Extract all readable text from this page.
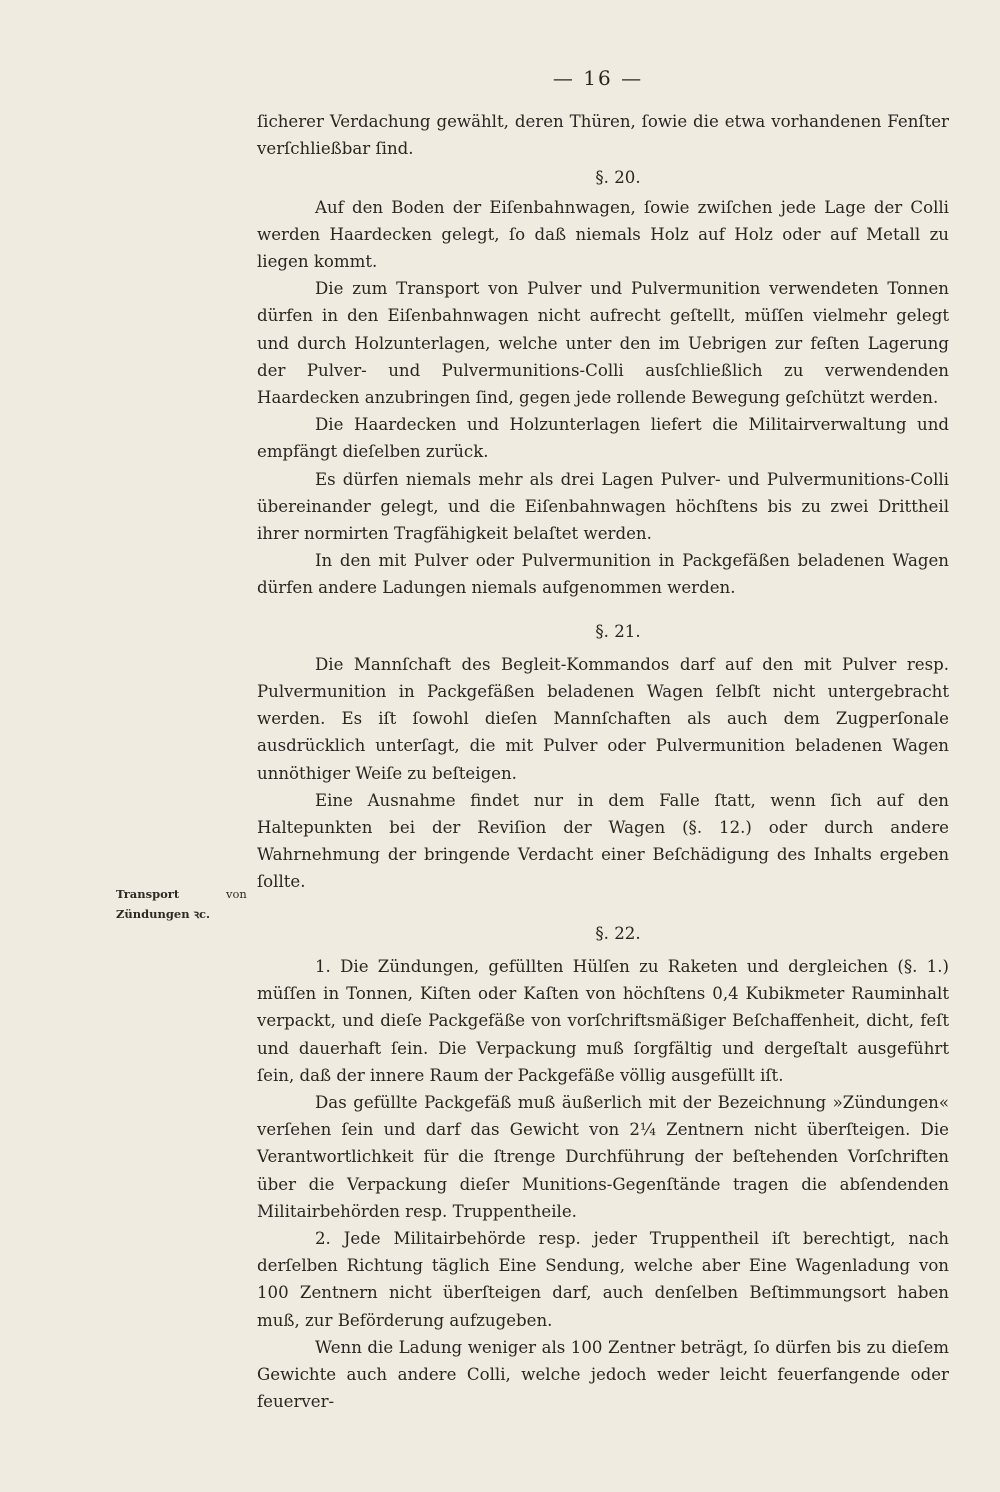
— 16 —
Transport	von
Zündungen ꝛc.

ſicherer Verdachung gewählt, deren Thüren, ſowie die etwa vorhandenen Fenſter verſchließbar ſind.

§. 20.

Auf den Boden der Eiſenbahnwagen, ſowie zwiſchen jede Lage der Colli werden Haardecken gelegt, ſo daß niemals Holz auf Holz oder auf Metall zu liegen kommt.

Die zum Transport von Pulver und Pulvermunition verwendeten Tonnen dürfen in den Eiſenbahnwagen nicht aufrecht geſtellt, müſſen vielmehr gelegt und durch Holzunterlagen, welche unter den im Uebrigen zur feſten Lagerung der Pulver- und Pulvermunitions-Colli ausſchließlich zu verwendenden Haardecken anzubringen ſind, gegen jede rollende Bewegung geſchützt werden.

Die Haardecken und Holzunterlagen liefert die Militairverwaltung und empfängt dieſelben zurück.

Es dürfen niemals mehr als drei Lagen Pulver- und Pulvermunitions-Colli übereinander gelegt, und die Eiſenbahnwagen höchſtens bis zu zwei Drittheil ihrer normirten Tragfähigkeit belaſtet werden.

In den mit Pulver oder Pulvermunition in Packgefäßen beladenen Wagen dürfen andere Ladungen niemals aufgenommen werden.

§. 21.

Die Mannſchaft des Begleit-Kommandos darf auf den mit Pulver resp. Pulvermunition in Packgefäßen beladenen Wagen ſelbſt nicht untergebracht werden. Es iſt ſowohl dieſen Mannſchaften als auch dem Zugperſonale ausdrücklich unterſagt, die mit Pulver oder Pulvermunition beladenen Wagen unnöthiger Weiſe zu beſteigen.

Eine Ausnahme findet nur in dem Falle ſtatt, wenn ſich auf den Haltepunkten bei der Reviſion der Wagen (§. 12.) oder durch andere Wahrnehmung der bringende Verdacht einer Beſchädigung des Inhalts ergeben ſollte.

§. 22.

1. Die Zündungen, gefüllten Hülſen zu Raketen und dergleichen (§. 1.) müſſen in Tonnen, Kiſten oder Kaſten von höchſtens 0,4 Kubikmeter Rauminhalt verpackt, und dieſe Packgefäße von vorſchriftsmäßiger Beſchaffenheit, dicht, feſt und dauerhaft ſein. Die Verpackung muß ſorgfältig und dergeſtalt ausgeführt ſein, daß der innere Raum der Packgefäße völlig ausgefüllt iſt.

Das gefüllte Packgefäß muß äußerlich mit der Bezeichnung »Zündungen« verſehen ſein und darf das Gewicht von 2¼ Zentnern nicht überſteigen. Die Verantwortlichkeit für die ſtrenge Durchführung der beſtehenden Vorſchriften über die Verpackung dieſer Munitions-Gegenſtände tragen die abſendenden Militairbehörden resp. Truppentheile.

2. Jede Militairbehörde resp. jeder Truppentheil iſt berechtigt, nach derſelben Richtung täglich Eine Sendung, welche aber Eine Wagenladung von 100 Zentnern nicht überſteigen darf, auch denſelben Beſtimmungsort haben muß, zur Beförderung aufzugeben.

Wenn die Ladung weniger als 100 Zentner beträgt, ſo dürfen bis zu dieſem Gewichte auch andere Colli, welche jedoch weder leicht feuerfangende oder feuerver-
